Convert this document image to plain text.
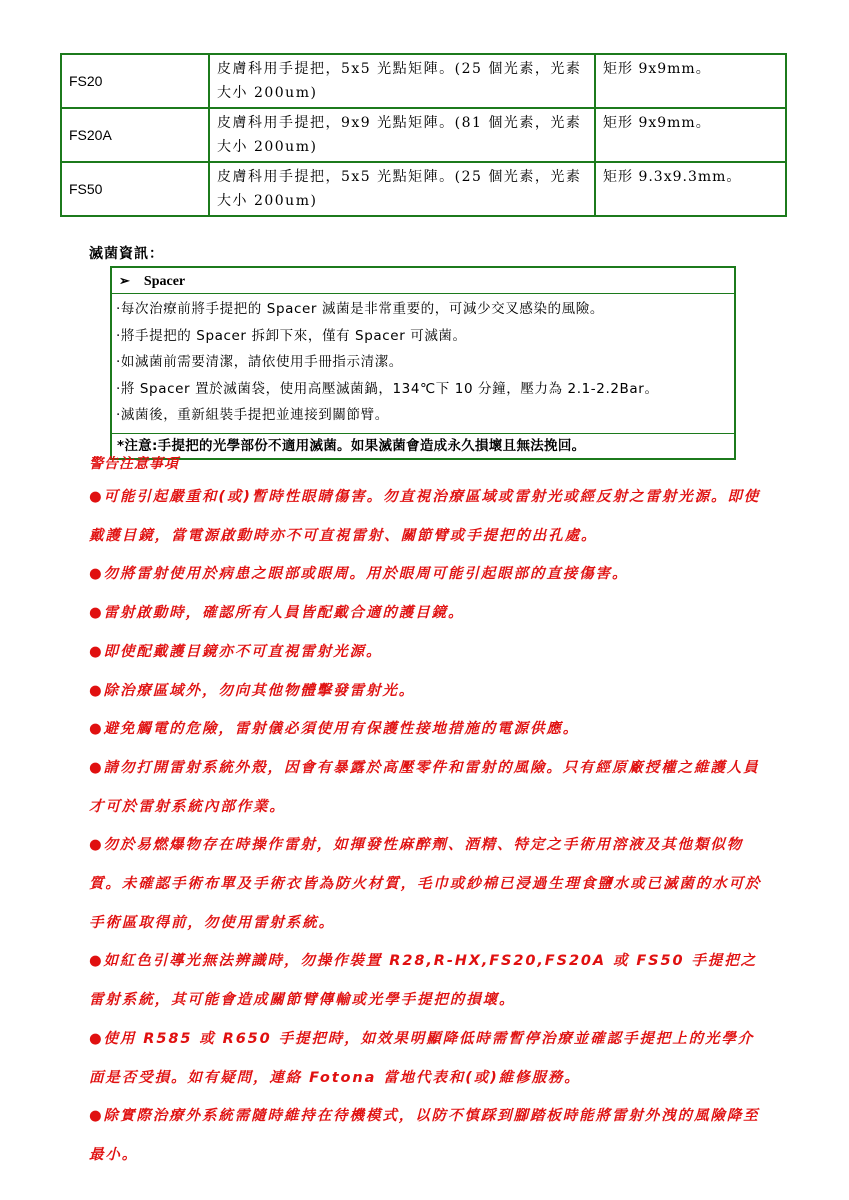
FS20	皮膚科用手提把，5x5 光點矩陣。(25 個光素，光素大小 200um)	矩形 9x9mm。
FS20A	皮膚科用手提把，9x9 光點矩陣。(81 個光素，光素大小 200um)	矩形 9x9mm。
FS50	皮膚科用手提把，5x5 光點矩陣。(25 個光素，光素大小 200um)	矩形 9.3x9.3mm。
滅菌資訊：
➢ Spacer
·每次治療前將手提把的 Spacer 滅菌是非常重要的，可減少交叉感染的風險。
·將手提把的 Spacer 拆卸下來，僅有 Spacer 可滅菌。
·如滅菌前需要清潔，請依使用手冊指示清潔。
·將 Spacer 置於滅菌袋，使用高壓滅菌鍋，134℃下 10 分鐘，壓力為 2.1-2.2Bar。
·滅菌後，重新組裝手提把並連接到關節臂。
*注意:手提把的光學部份不適用滅菌。如果滅菌會造成永久損壞且無法挽回。
警告注意事項

●可能引起嚴重和(或)暫時性眼睛傷害。勿直視治療區域或雷射光或經反射之雷射光源。即使戴護目鏡，當電源啟動時亦不可直視雷射、關節臂或手提把的出孔處。

●勿將雷射使用於病患之眼部或眼周。用於眼周可能引起眼部的直接傷害。

●雷射啟動時，確認所有人員皆配戴合適的護目鏡。

●即使配戴護目鏡亦不可直視雷射光源。

●除治療區域外，勿向其他物體擊發雷射光。

●避免觸電的危險，雷射儀必須使用有保護性接地措施的電源供應。

●請勿打開雷射系統外殼，因會有暴露於高壓零件和雷射的風險。只有經原廠授權之維護人員才可於雷射系統內部作業。

●勿於易燃爆物存在時操作雷射，如揮發性麻醉劑、酒精、特定之手術用溶液及其他類似物質。未確認手術布單及手術衣皆為防火材質，毛巾或紗棉已浸過生理食鹽水或已滅菌的水可於手術區取得前，勿使用雷射系統。

●如紅色引導光無法辨識時，勿操作裝置 R28,R-HX,FS20,FS20A 或 FS50 手提把之雷射系統，其可能會造成關節臂傳輸或光學手提把的損壞。

●使用 R585 或 R650 手提把時，如效果明顯降低時需暫停治療並確認手提把上的光學介面是否受損。如有疑問，連絡 Fotona 當地代表和(或)維修服務。

●除實際治療外系統需隨時維持在待機模式，以防不慎踩到腳踏板時能將雷射外洩的風險降至最小。
